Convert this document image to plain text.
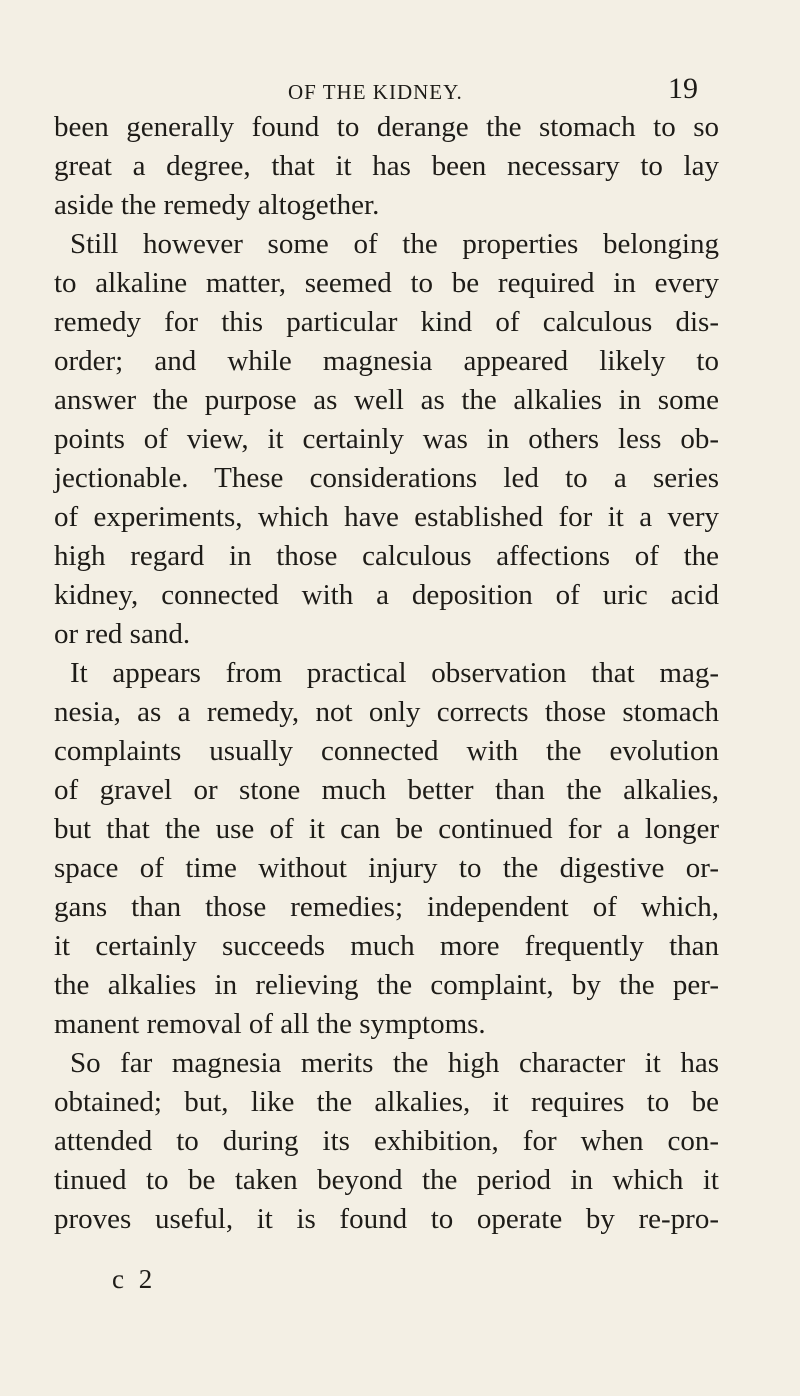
OF THE KIDNEY.	19
been generally found to derange the stomach to so
great a degree, that it has been necessary to lay
aside the remedy altogether.
Still however some of the properties belonging
to alkaline matter, seemed to be required in every
remedy for this particular kind of calculous dis-
order; and while magnesia appeared likely to
answer the purpose as well as the alkalies in some
points of view, it certainly was in others less ob-
jectionable. These considerations led to a series
of experiments, which have established for it a very
high regard in those calculous affections of the
kidney, connected with a deposition of uric acid
or red sand.
It appears from practical observation that mag-
nesia, as a remedy, not only corrects those stomach
complaints usually connected with the evolution
of gravel or stone much better than the alkalies,
but that the use of it can be continued for a longer
space of time without injury to the digestive or-
gans than those remedies; independent of which,
it certainly succeeds much more frequently than
the alkalies in relieving the complaint, by the per-
manent removal of all the symptoms.
So far magnesia merits the high character it has
obtained; but, like the alkalies, it requires to be
attended to during its exhibition, for when con-
tinued to be taken beyond the period in which it
proves useful, it is found to operate by re-pro-
c 2
